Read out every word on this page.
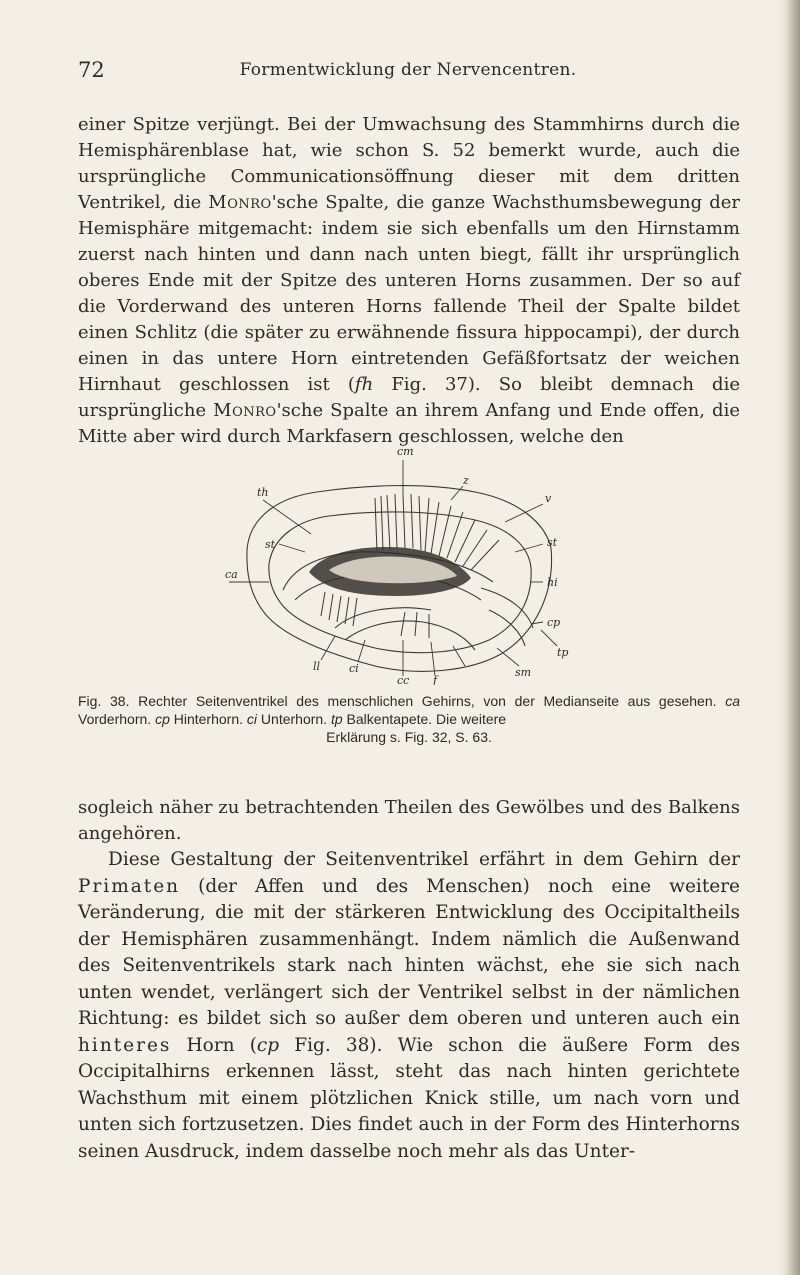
72	Formentwicklung der Nervencentren.

einer Spitze verjüngt. Bei der Umwachsung des Stammhirns durch die Hemisphärenblase hat, wie schon S. 52 bemerkt wurde, auch die ursprüngliche Communicationsöffnung dieser mit dem dritten Ventrikel, die Monro'sche Spalte, die ganze Wachsthumsbewegung der Hemisphäre mitgemacht: indem sie sich ebenfalls um den Hirnstamm zuerst nach hinten und dann nach unten biegt, fällt ihr ursprünglich oberes Ende mit der Spitze des unteren Horns zusammen. Der so auf die Vorderwand des unteren Horns fallende Theil der Spalte bildet einen Schlitz (die später zu erwähnende fissura hippocampi), der durch einen in das untere Horn eintretenden Gefäßfortsatz der weichen Hirnhaut geschlossen ist (fh Fig. 37). So bleibt demnach die ursprüngliche Monro'sche Spalte an ihrem Anfang und Ende offen, die Mitte aber wird durch Markfasern geschlossen, welche den

cm
th
z
v
st	st
ca
hi
cp
tp
ll	ci
cc f
sm

Fig. 38. Rechter Seitenventrikel des menschlichen Gehirns, von der Medianseite aus gesehen. ca Vorderhorn. cp Hinterhorn. ci Unterhorn. tp Balkentapete. Die weitere
Erklärung s. Fig. 32, S. 63.

sogleich näher zu betrachtenden Theilen des Gewölbes und des Balkens angehören.

Diese Gestaltung der Seitenventrikel erfährt in dem Gehirn der Primaten (der Affen und des Menschen) noch eine weitere Veränderung, die mit der stärkeren Entwicklung des Occipitaltheils der Hemisphären zusammenhängt. Indem nämlich die Außenwand des Seitenventrikels stark nach hinten wächst, ehe sie sich nach unten wendet, verlängert sich der Ventrikel selbst in der nämlichen Richtung: es bildet sich so außer dem oberen und unteren auch ein hinteres Horn (cp Fig. 38). Wie schon die äußere Form des Occipitalhirns erkennen lässt, steht das nach hinten gerichtete Wachsthum mit einem plötzlichen Knick stille, um nach vorn und unten sich fortzusetzen. Dies findet auch in der Form des Hinterhorns seinen Ausdruck, indem dasselbe noch mehr als das Unter-
